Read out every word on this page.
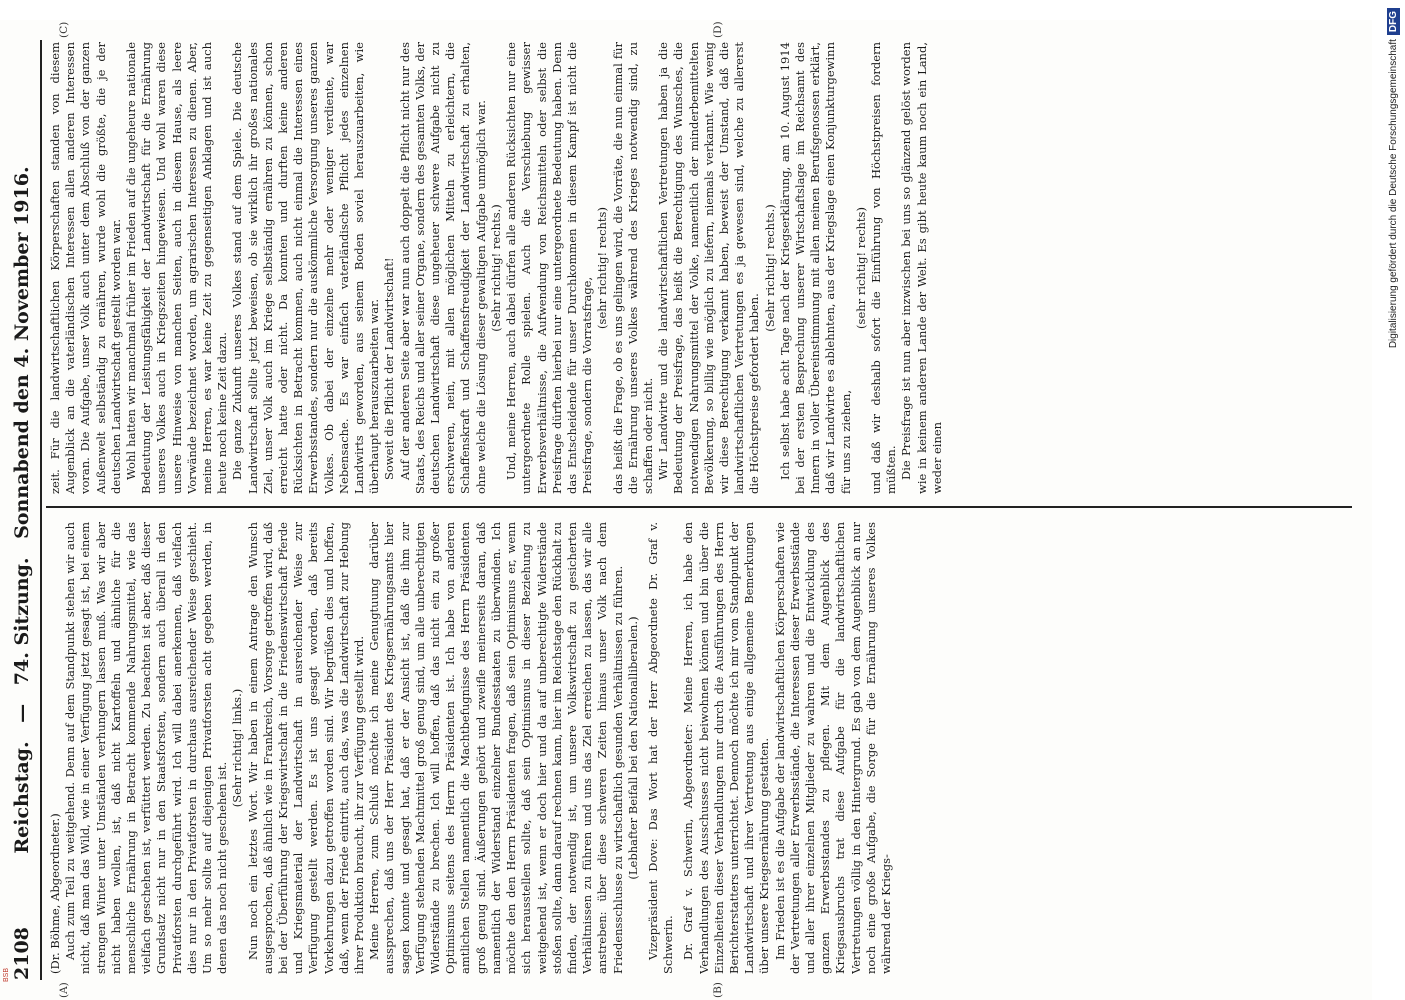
2108
Reichstag. — 74. Sitzung. Sonnabend den 4. November 1916.
(A)	(B)
(C)	(D)

(Dr. Böhme, Abgeordneter.) Auch zum Teil zu weitgehend. Denn auf dem Standpunkt stehen wir auch nicht, daß man das Wild, wie in einer Verfügung jetzt gesagt ist, bei einem strengen Winter unter Umständen verhungern lassen muß. Was wir aber nicht haben wollen, ist, daß nicht Kartoffeln und ähnliche für die menschliche Ernährung in Betracht kommende Nahrungsmittel, wie das vielfach geschehen ist, verfüttert werden. Zu beachten ist aber, daß dieser Grundsatz nicht nur in den Staatsforsten, sondern auch überall in den Privatforsten durchgeführt wird. Ich will dabei anerkennen, daß vielfach dies nur in den Privatforsten in durchaus ausreichender Weise geschieht. Um so mehr sollte auf diejenigen Privatforsten acht gegeben werden, in denen das noch nicht geschehen ist.

(Sehr richtig! links.) Nun noch ein letztes Wort. Wir haben in einem Antrage den Wunsch ausgesprochen, daß ähnlich wie in Frankreich, Vorsorge getroffen wird, daß bei der Überführung der Kriegswirtschaft in die Friedenswirtschaft Pferde und Kriegsmaterial der Landwirtschaft in ausreichender Weise zur Verfügung gestellt werden. Es ist uns gesagt worden, daß bereits Vorkehrungen dazu getroffen worden sind. Wir begrüßen dies und hoffen, daß, wenn der Friede eintritt, auch das, was die Landwirtschaft zur Hebung ihrer Produktion braucht, ihr zur Verfügung gestellt wird. Meine Herren, zum Schluß möchte ich meine Genugtuung darüber aussprechen, daß uns der Herr Präsident des Kriegsernährungsamts hier sagen konnte und gesagt hat, daß er der Ansicht ist, daß die ihm zur Verfügung stehenden Machtmittel groß genug sind, um alle unberechtigten Widerstände zu brechen. Ich will hoffen, daß das nicht ein zu großer Optimismus seitens des Herrn Präsidenten ist. Ich habe von anderen amtlichen Stellen namentlich die Machtbefugnisse des Herrn Präsidenten groß genug sind. Äußerungen gehört und zweifle meinerseits daran, daß namentlich der Widerstand einzelner Bundesstaaten zu überwinden. Ich möchte den den Herrn Präsidenten fragen, daß sein Optimismus er, wenn sich herausstellen sollte, daß sein Optimismus in dieser Beziehung zu weitgehend ist, wenn er doch hier und da auf unberechtigte Widerstände stoßen sollte, dann darauf rechnen kann, hier im Reichstage den Rückhalt zu finden, der notwendig ist, um unsere Volkswirtschaft zu gesicherten Verhältnissen zu führen und uns das Ziel erreichen zu lassen, das wir alle anstreben: über diese schweren Zeiten hinaus unser Volk nach dem Friedensschlusse zu wirtschaftlich gesunden Verhältnissen zu führen. (Lebhafter Beifall bei den Nationalliberalen.) Vizepräsident Dove: Das Wort hat der Herr Abgeordnete Dr. Graf v. Schwerin. Dr. Graf v. Schwerin, Abgeordneter: Meine Herren, ich habe den Verhandlungen des Ausschusses nicht beiwohnen können und bin über die Einzelheiten dieser Verhandlungen nur durch die Ausführungen des Herrn Berichterstatters unterrichtet. Dennoch möchte ich mir vom Standpunkt der Landwirtschaft und ihrer Vertretung aus einige allgemeine Bemerkungen über unsere Kriegsernährung gestatten. Im Frieden ist es die Aufgabe der landwirtschaftlichen Körperschaften wie der Vertretungen aller Erwerbsstände, die Interessen dieser Erwerbsstände und aller ihrer einzelnen Mitglieder zu wahren und die Entwicklung des ganzen Erwerbsstandes zu pflegen. Mit dem Augenblick des Kriegsausbruchs trat diese Aufgabe für die landwirtschaftlichen Vertretungen völlig in den Hintergrund. Es gab von dem Augenblick an nur noch eine große Aufgabe, die Sorge für die Ernährung unseres Volkes während der Kriegs-

zeit. Für die landwirtschaftlichen Körperschaften standen von diesem Augenblick an die vaterländischen Interessen allen anderen Interessen voran. Die Aufgabe, unser Volk auch unter dem Abschluß von der ganzen Außenwelt selbständig zu ernähren, wurde wohl die größte, die je der deutschen Landwirtschaft gestellt worden war. Wohl hatten wir manchmal früher im Frieden auf die ungeheure nationale Bedeutung der Leistungsfähigkeit der Landwirtschaft für die Ernährung unseres Volkes auch in Kriegszeiten hingewiesen. Und wohl waren diese unsere Hinweise von manchen Seiten, auch in diesem Hause, als leere Vorwände bezeichnet worden, um agrarischen Interessen zu dienen. Aber, meine Herren, es war keine Zeit zu gegenseitigen Anklagen und ist auch heute noch keine Zeit dazu. Die ganze Zukunft unseres Volkes stand auf dem Spiele. Die deutsche Landwirtschaft sollte jetzt beweisen, ob sie wirklich ihr großes nationales Ziel, unser Volk auch im Kriege selbständig ernähren zu können, schon erreicht hatte oder nicht. Da konnten und durften keine anderen Rücksichten in Betracht kommen, auch nicht einmal die Interessen eines Erwerbsstandes, sondern nur die auskömmliche Versorgung unseres ganzen Volkes. Ob dabei der einzelne mehr oder weniger verdiente, war Nebensache. Es war einfach vaterländische Pflicht jedes einzelnen Landwirts geworden, aus seinem Boden soviel herauszuarbeiten, wie überhaupt herauszuarbeiten war. Soweit die Pflicht der Landwirtschaft! Auf der anderen Seite aber war nun auch doppelt die Pflicht nicht nur des Staats, des Reichs und aller seiner Organe, sondern des gesamten Volks, der deutschen Landwirtschaft diese ungeheuer schwere Aufgabe nicht zu erschweren, nein, mit allen möglichen Mitteln zu erleichtern, die Schaffenskraft und Schaffensfreudigkeit der Landwirtschaft zu erhalten, ohne welche die Lösung dieser gewaltigen Aufgabe unmöglich war. (Sehr richtig! rechts.) Und, meine Herren, auch dabei dürfen alle anderen Rücksichten nur eine untergeordnete Rolle spielen. Auch die Verschiebung gewisser Erwerbsverhältnisse, die Aufwendung von Reichsmitteln oder selbst die Preisfrage dürften hierbei nur eine untergeordnete Bedeutung haben. Denn das Entscheidende für unser Durchkommen in diesem Kampf ist nicht die Preisfrage, sondern die Vorratsfrage,

(sehr richtig! rechts) das heißt die Frage, ob es uns gelingen wird, die Vorräte, die nun einmal für die Ernährung unseres Volkes während des Krieges notwendig sind, zu schaffen oder nicht. Wir Landwirte und die landwirtschaftlichen Vertretungen haben ja die Bedeutung der Preisfrage, das heißt die Berechtigung des Wunsches, die notwendigen Nahrungsmittel der Volke, namentlich der minderbemittelten Bevölkerung, so billig wie möglich zu liefern, niemals verkannt. Wie wenig wir diese Berechtigung verkannt haben, beweist der Umstand, daß die landwirtschaftlichen Vertretungen es ja gewesen sind, welche zu allererst die Höchstpreise gefordert haben.

(Sehr richtig! rechts.) Ich selbst habe acht Tage nach der Kriegserklärung, am 10. August 1914 bei der ersten Besprechung unserer Wirtschaftslage im Reichsamt des Innern in voller Übereinstimmung mit allen meinen Berufsgenossen erklärt, daß wir Landwirte es ablehnten, aus der Kriegslage einen Konjunkturgewinn für uns zu ziehen,

(sehr richtig! rechts) und daß wir deshalb sofort die Einführung von Höchstpreisen fordern müßten. Die Preisfrage ist nun aber inzwischen bei uns so glänzend gelöst worden wie in keinem anderen Lande der Welt. Es gibt heute kaum noch ein Land, weder einen

Digitalisierung gefördert durch die Deutsche ForschungsgemeinschaftDFG
BSB
